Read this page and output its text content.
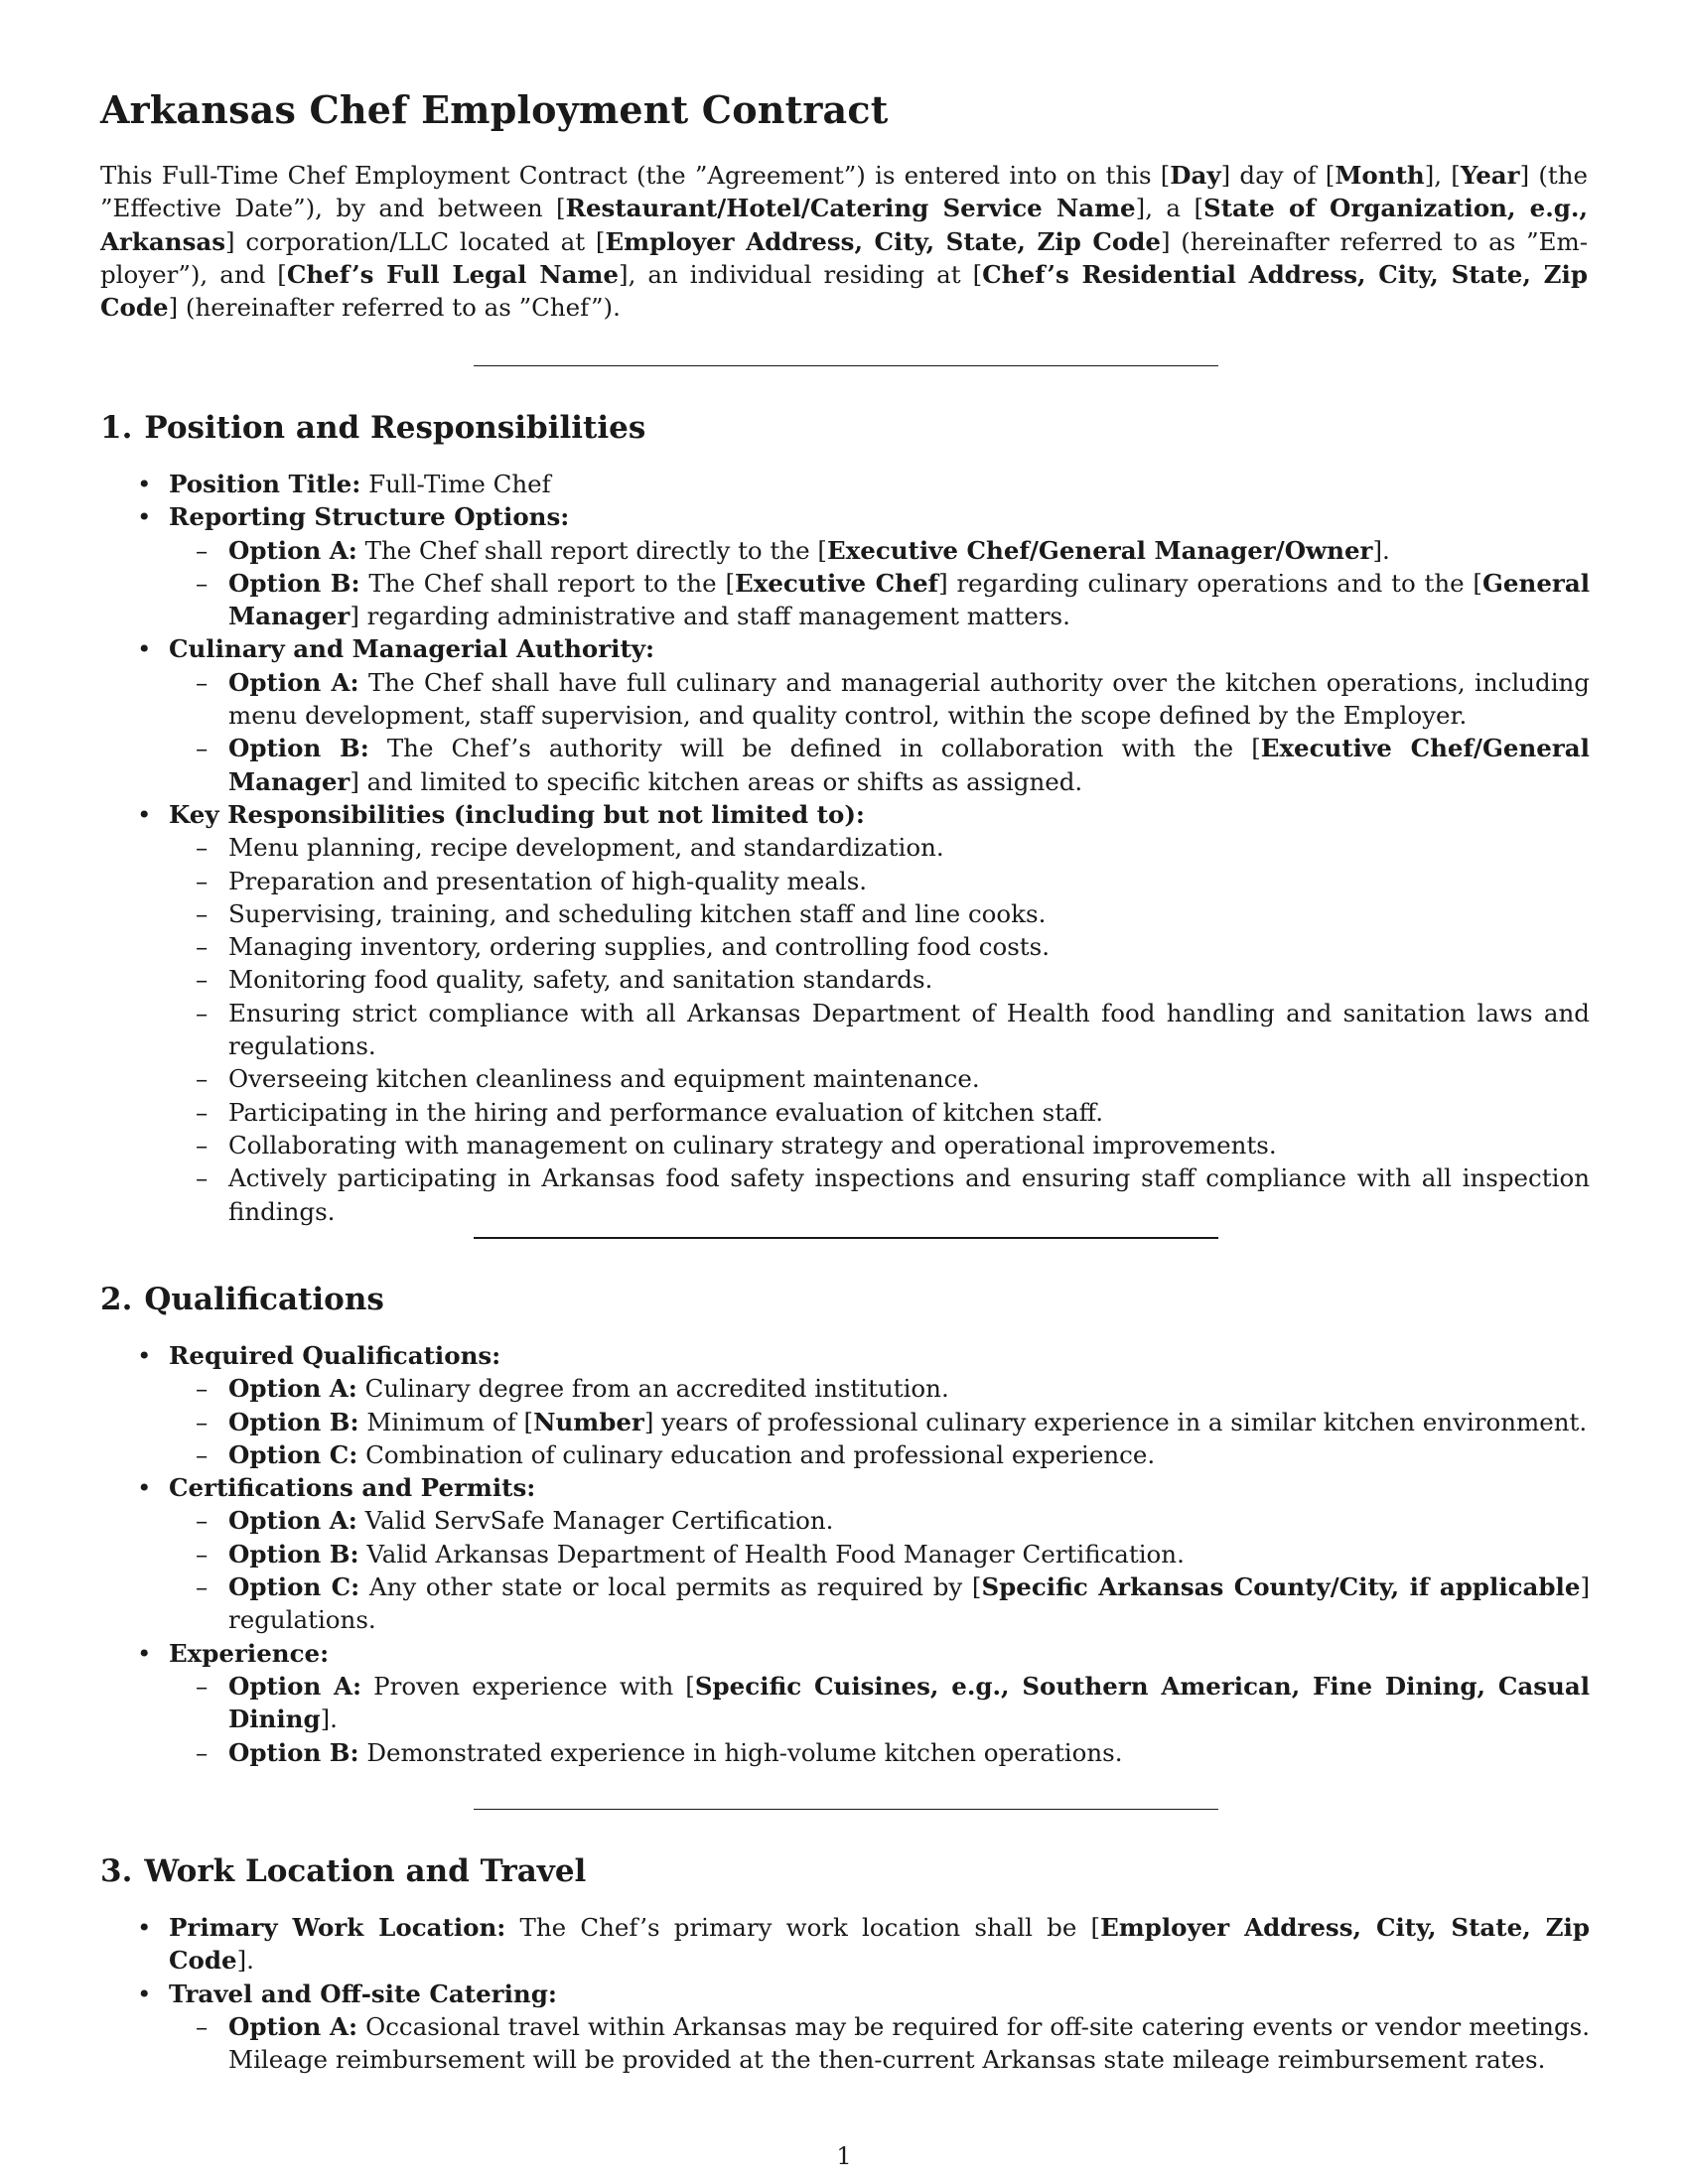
Arkansas Chef Employment Contract

This Full-Time Chef Employment Contract (the ”Agreement”) is entered into on this [Day] day of [Month], [Year] (the ”Effective Date”), by and between [Restaurant/Hotel/Catering Service Name], a [State of Organization, e.g., Arkansas] corporation/LLC located at [Employer Address, City, State, Zip Code] (hereinafter referred to as ”Employer”), and [Chef’s Full Legal Name], an individual residing at [Chef’s Residential Address, City, State, Zip Code] (hereinafter referred to as ”Chef”).

1. Position and Responsibilities
• Position Title: Full-Time Chef
• Reporting Structure Options:
– Option A: The Chef shall report directly to the [Executive Chef/General Manager/Owner].
– Option B: The Chef shall report to the [Executive Chef] regarding culinary operations and to the [General Manager] regarding administrative and staff management matters.
• Culinary and Managerial Authority:
– Option A: The Chef shall have full culinary and managerial authority over the kitchen operations, including menu development, staff supervision, and quality control, within the scope defined by the Employer.
– Option B: The Chef’s authority will be defined in collaboration with the [Executive Chef/General Manager] and limited to specific kitchen areas or shifts as assigned.
• Key Responsibilities (including but not limited to):
– Menu planning, recipe development, and standardization.
– Preparation and presentation of high-quality meals.
– Supervising, training, and scheduling kitchen staff and line cooks.
– Managing inventory, ordering supplies, and controlling food costs.
– Monitoring food quality, safety, and sanitation standards.
– Ensuring strict compliance with all Arkansas Department of Health food handling and sanitation laws and regulations.
– Overseeing kitchen cleanliness and equipment maintenance.
– Participating in the hiring and performance evaluation of kitchen staff.
– Collaborating with management on culinary strategy and operational improvements.
– Actively participating in Arkansas food safety inspections and ensuring staff compliance with all inspection findings.
2. Qualifications
• Required Qualifications:
– Option A: Culinary degree from an accredited institution.
– Option B: Minimum of [Number] years of professional culinary experience in a similar kitchen environment.
– Option C: Combination of culinary education and professional experience.
• Certifications and Permits:
– Option A: Valid ServSafe Manager Certification.
– Option B: Valid Arkansas Department of Health Food Manager Certification.
– Option C: Any other state or local permits as required by [Specific Arkansas County/City, if applicable] regulations.
• Experience:
– Option A: Proven experience with [Specific Cuisines, e.g., Southern American, Fine Dining, Casual Dining].
– Option B: Demonstrated experience in high-volume kitchen operations.
3. Work Location and Travel
• Primary Work Location: The Chef’s primary work location shall be [Employer Address, City, State, Zip Code].
• Travel and Off-site Catering:
– Option A: Occasional travel within Arkansas may be required for off-site catering events or vendor meetings. Mileage reimbursement will be provided at the then-current Arkansas state mileage reimbursement rates.
1
